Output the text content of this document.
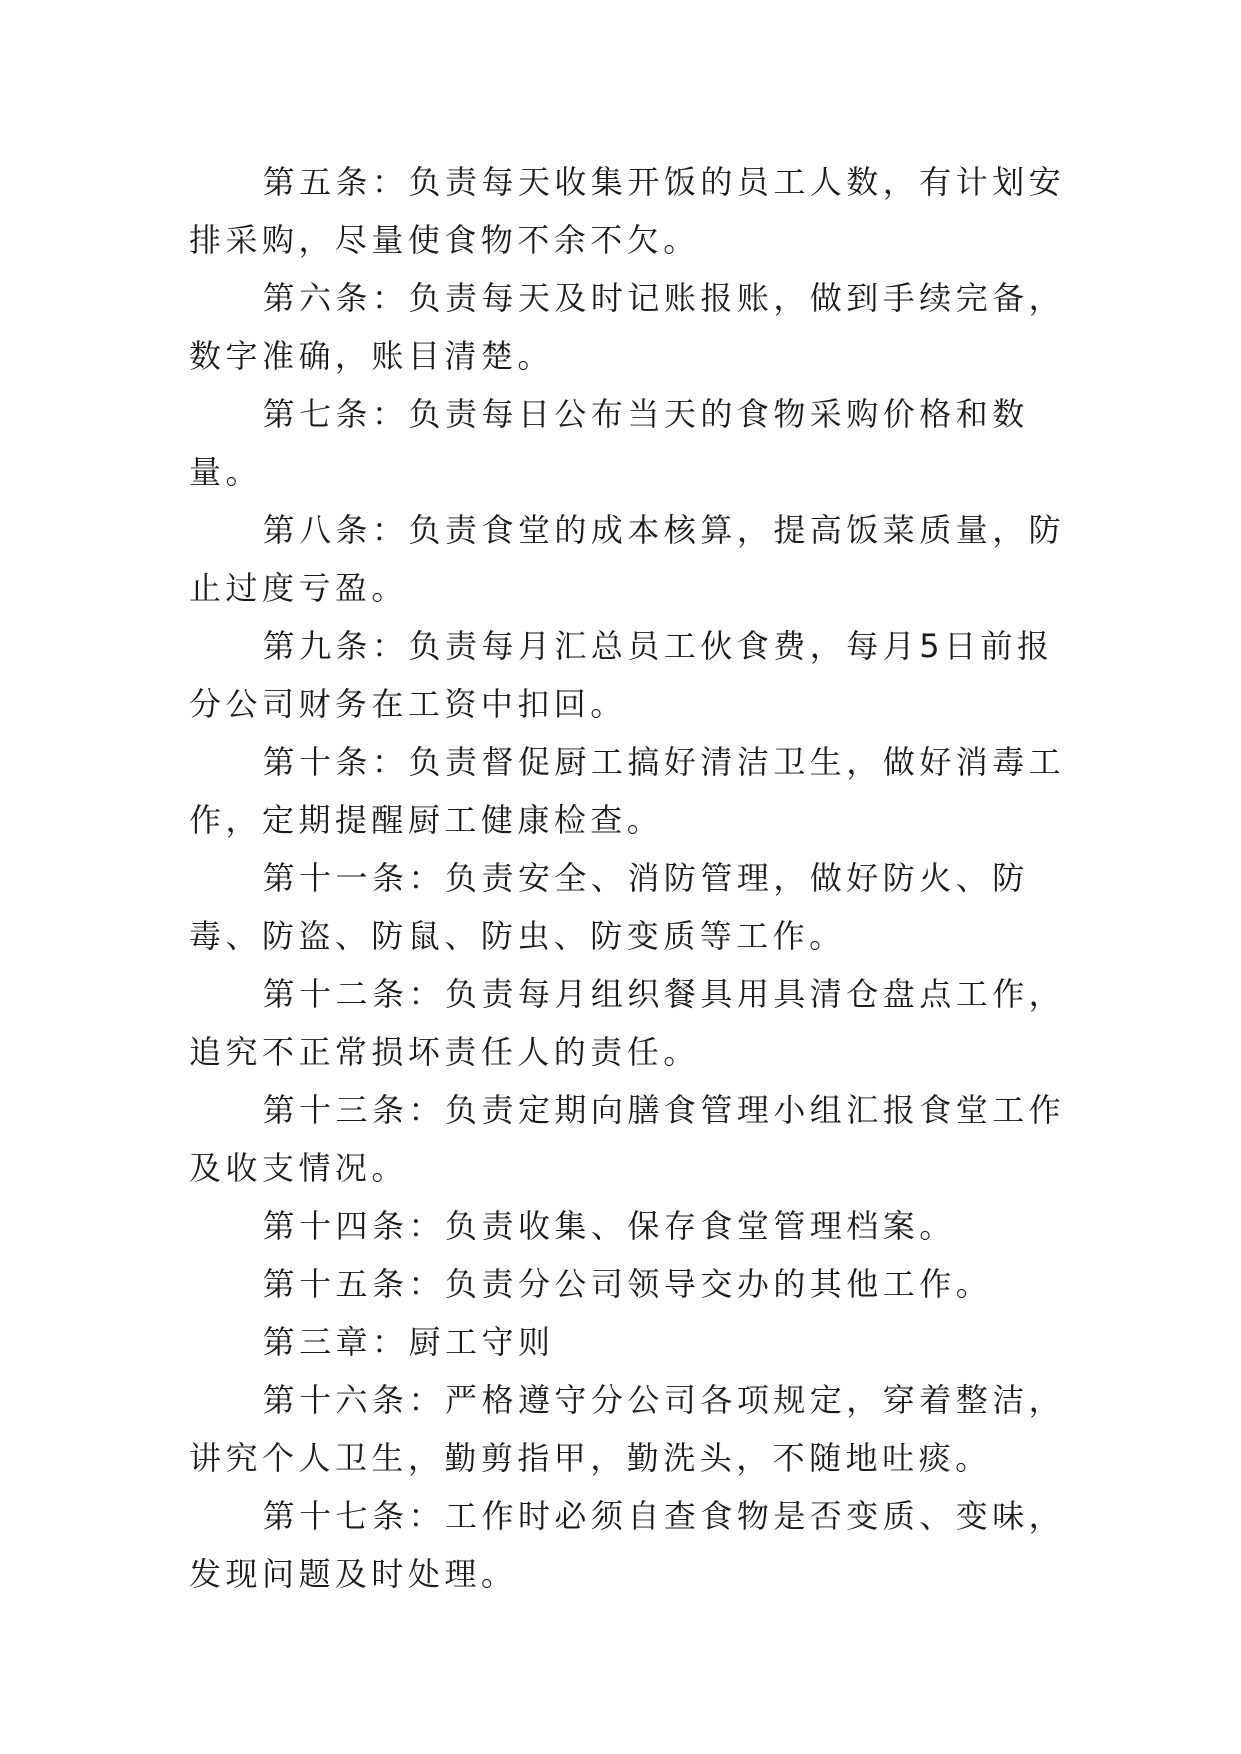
第五条：负责每天收集开饭的员工人数，有计划安排采购，尽量使食物不余不欠。

第六条：负责每天及时记账报账，做到手续完备，数字准确，账目清楚。

第七条：负责每日公布当天的食物采购价格和数量。

第八条：负责食堂的成本核算，提高饭菜质量，防止过度亏盈。

第九条：负责每月汇总员工伙食费，每月5日前报分公司财务在工资中扣回。

第十条：负责督促厨工搞好清洁卫生，做好消毒工作，定期提醒厨工健康检查。

第十一条：负责安全、消防管理，做好防火、防毒、防盗、防鼠、防虫、防变质等工作。

第十二条：负责每月组织餐具用具清仓盘点工作，追究不正常损坏责任人的责任。

第十三条：负责定期向膳食管理小组汇报食堂工作及收支情况。

第十四条：负责收集、保存食堂管理档案。

第十五条：负责分公司领导交办的其他工作。

第三章：厨工守则

第十六条：严格遵守分公司各项规定，穿着整洁，讲究个人卫生，勤剪指甲，勤洗头，不随地吐痰。

第十七条：工作时必须自查食物是否变质、变味，发现问题及时处理。
